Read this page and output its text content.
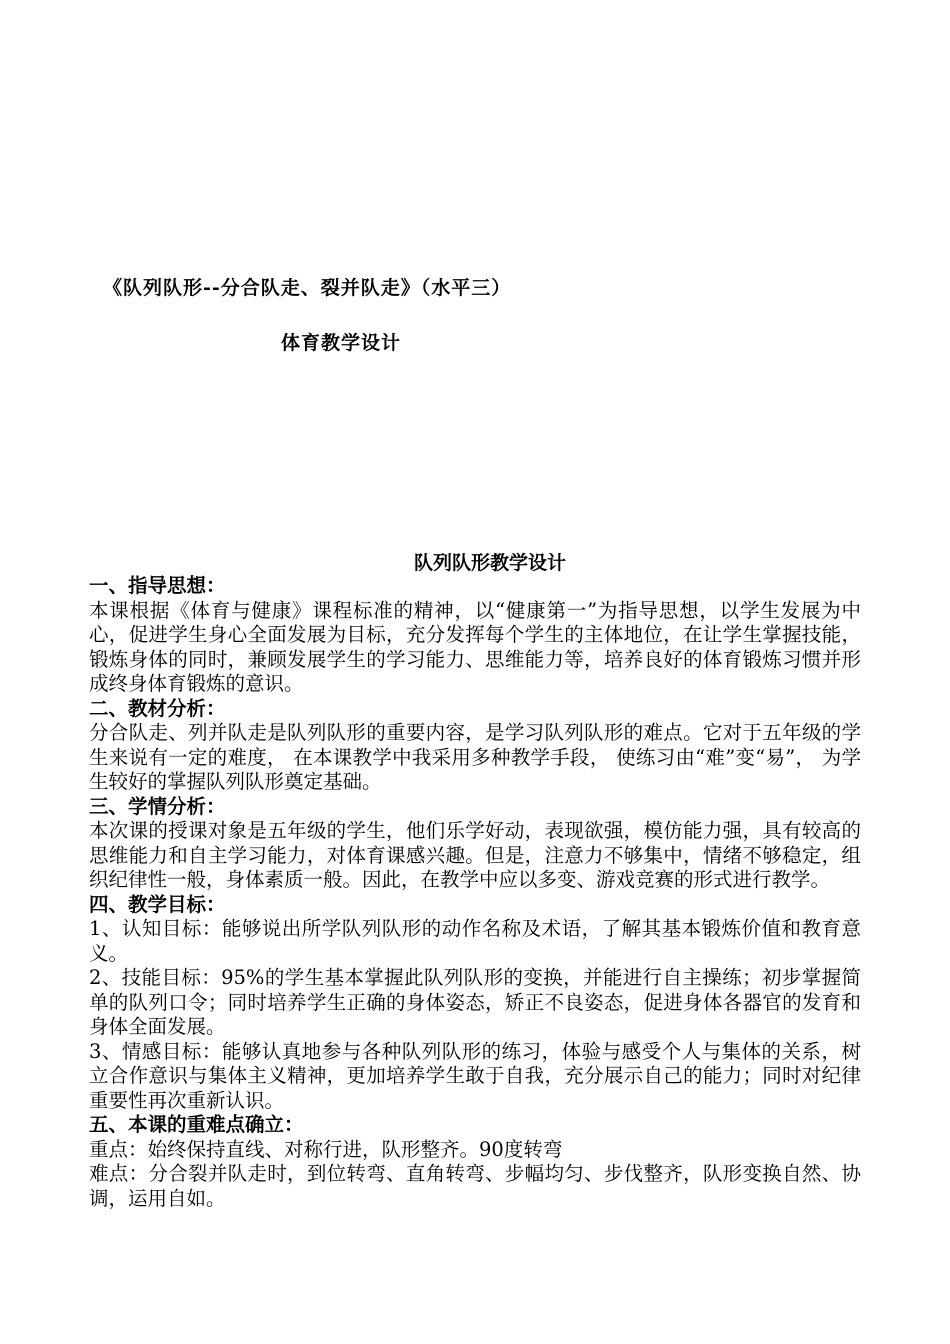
《队列队形--分合队走、裂并队走》（水平三）
体育教学设计
队列队形教学设计

一、指导思想：

本课根据《体育与健康》课程标准的精神，以“健康第一”为指导思想，以学生发展为中心，促进学生身心全面发展为目标，充分发挥每个学生的主体地位，在让学生掌握技能，锻炼身体的同时，兼顾发展学生的学习能力、思维能力等，培养良好的体育锻炼习惯并形成终身体育锻炼的意识。

二、教材分析：

分合队走、列并队走是队列队形的重要内容，是学习队列队形的难点。它对于五年级的学生来说有一定的难度， 在本课教学中我采用多种教学手段， 使练习由“难”变“易”， 为学生较好的掌握队列队形奠定基础。

三、学情分析：

本次课的授课对象是五年级的学生，他们乐学好动，表现欲强，模仿能力强，具有较高的思维能力和自主学习能力，对体育课感兴趣。但是，注意力不够集中，情绪不够稳定，组织纪律性一般，身体素质一般。因此，在教学中应以多变、游戏竞赛的形式进行教学。

四、教学目标：

1、认知目标：能够说出所学队列队形的动作名称及术语，了解其基本锻炼价值和教育意义。

2、技能目标：95%的学生基本掌握此队列队形的变换，并能进行自主操练；初步掌握简单的队列口令；同时培养学生正确的身体姿态，矫正不良姿态，促进身体各器官的发育和身体全面发展。

3、情感目标：能够认真地参与各种队列队形的练习，体验与感受个人与集体的关系，树立合作意识与集体主义精神，更加培养学生敢于自我，充分展示自己的能力；同时对纪律重要性再次重新认识。

五、本课的重难点确立：

重点：始终保持直线、对称行进，队形整齐。90度转弯

难点：分合裂并队走时，到位转弯、直角转弯、步幅均匀、步伐整齐，队形变换自然、协调，运用自如。
